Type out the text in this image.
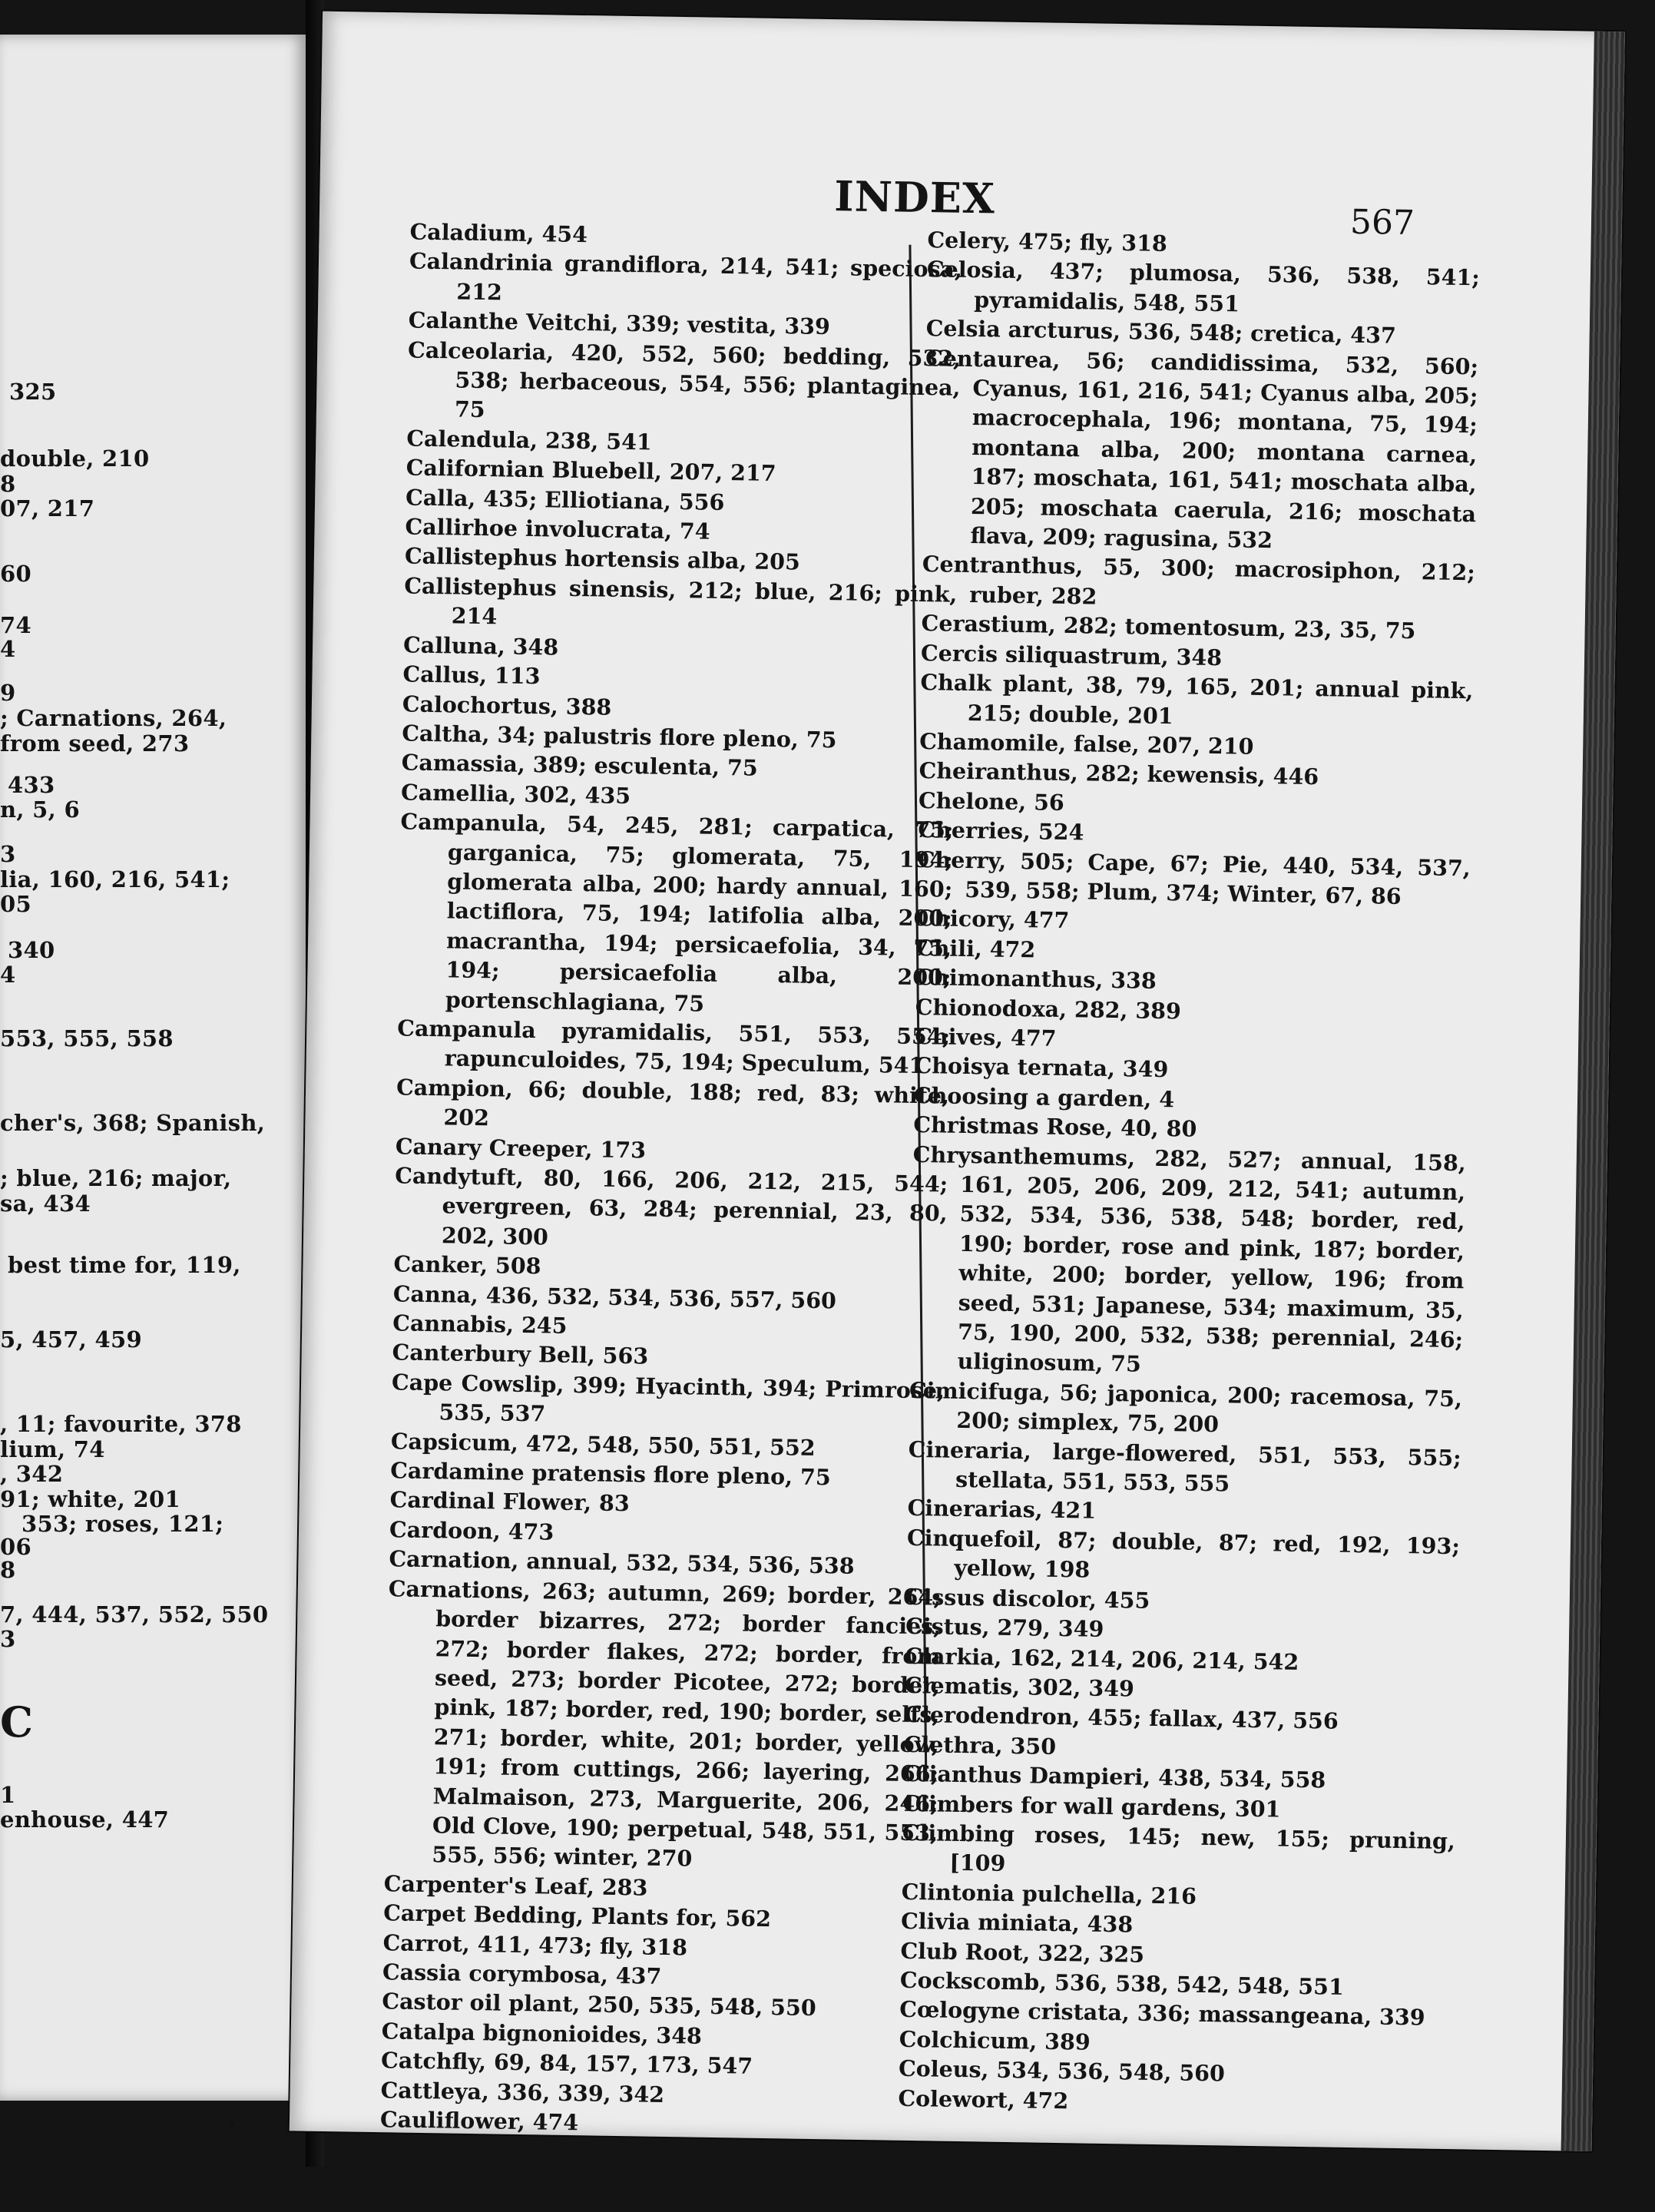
325
double, 210
8
07, 217
60
74
4
9
; Carnations, 264,
from seed, 273
433
n, 5, 6
3
lia, 160, 216, 541;
05
340
4
553, 555, 558
cher's, 368; Spanish,
; blue, 216; major,
sa, 434
best time for, 119,
5, 457, 459
, 11; favourite, 378
lium, 74
, 342
91; white, 201
353; roses, 121;
06
8
7, 444, 537, 552, 550
3
C
1
enhouse, 447
INDEX	567
Caladium, 454
Calandrinia grandiflora, 214, 541; speciosa, 212
Calanthe Veitchi, 339; vestita, 339
Calceolaria, 420, 552, 560; bedding, 532, 538; herbaceous, 554, 556; plantaginea, 75
Calendula, 238, 541
Californian Bluebell, 207, 217
Calla, 435; Elliotiana, 556
Callirhoe involucrata, 74
Callistephus hortensis alba, 205
Callistephus sinensis, 212; blue, 216; pink, 214
Calluna, 348
Callus, 113
Calochortus, 388
Caltha, 34; palustris flore pleno, 75
Camassia, 389; esculenta, 75
Camellia, 302, 435
Campanula, 54, 245, 281; carpatica, 75; garganica, 75; glomerata, 75, 194; glomerata alba, 200; hardy annual, 160; lactiflora, 75, 194; latifolia alba, 200; macrantha, 194; persicaefolia, 34, 75, 194; persicaefolia alba, 200; portenschlagiana, 75
Campanula pyramidalis, 551, 553, 554; rapunculoides, 75, 194; Speculum, 541
Campion, 66; double, 188; red, 83; white, 202
Canary Creeper, 173
Candytuft, 80, 166, 206, 212, 215, 544; evergreen, 63, 284; perennial, 23, 80, 202, 300
Canker, 508
Canna, 436, 532, 534, 536, 557, 560
Cannabis, 245
Canterbury Bell, 563
Cape Cowslip, 399; Hyacinth, 394; Primrose, 535, 537
Capsicum, 472, 548, 550, 551, 552
Cardamine pratensis flore pleno, 75
Cardinal Flower, 83
Cardoon, 473
Carnation, annual, 532, 534, 536, 538
Carnations, 263; autumn, 269; border, 264; border bizarres, 272; border fancies, 272; border flakes, 272; border, from seed, 273; border Picotee, 272; border, pink, 187; border, red, 190; border, selfs, 271; border, white, 201; border, yellow, 191; from cuttings, 266; layering, 266; Malmaison, 273, Marguerite, 206, 246; Old Clove, 190; perpetual, 548, 551, 553, 555, 556; winter, 270
Carpenter's Leaf, 283
Carpet Bedding, Plants for, 562
Carrot, 411, 473; fly, 318
Cassia corymbosa, 437
Castor oil plant, 250, 535, 548, 550
Catalpa bignonioides, 348
Catchfly, 69, 84, 157, 173, 547
Cattleya, 336, 339, 342
Cauliflower, 474
Ceanothus, 302, 348
Cedar, 377
Celery, 475; fly, 318
Celosia, 437; plumosa, 536, 538, 541; pyramidalis, 548, 551
Celsia arcturus, 536, 548; cretica, 437
Centaurea, 56; candidissima, 532, 560; Cyanus, 161, 216, 541; Cyanus alba, 205; macrocephala, 196; montana, 75, 194; montana alba, 200; montana carnea, 187; moschata, 161, 541; moschata alba, 205; moschata caerula, 216; moschata flava, 209; ragusina, 532
Centranthus, 55, 300; macrosiphon, 212; ruber, 282
Cerastium, 282; tomentosum, 23, 35, 75
Cercis siliquastrum, 348
Chalk plant, 38, 79, 165, 201; annual pink, 215; double, 201
Chamomile, false, 207, 210
Cheiranthus, 282; kewensis, 446
Chelone, 56
Cherries, 524
Cherry, 505; Cape, 67; Pie, 440, 534, 537, 539, 558; Plum, 374; Winter, 67, 86
Chicory, 477
Chili, 472
Chimonanthus, 338
Chionodoxa, 282, 389
Chives, 477
Choisya ternata, 349
Choosing a garden, 4
Christmas Rose, 40, 80
Chrysanthemums, 282, 527; annual, 158, 161, 205, 206, 209, 212, 541; autumn, 532, 534, 536, 538, 548; border, red, 190; border, rose and pink, 187; border, white, 200; border, yellow, 196; from seed, 531; Japanese, 534; maximum, 35, 75, 190, 200, 532, 538; perennial, 246; uliginosum, 75
Cimicifuga, 56; japonica, 200; racemosa, 75, 200; simplex, 75, 200
Cineraria, large-flowered, 551, 553, 555; stellata, 551, 553, 555
Cinerarias, 421
Cinquefoil, 87; double, 87; red, 192, 193; yellow, 198
Cissus discolor, 455
Cistus, 279, 349
Clarkia, 162, 214, 206, 214, 542
Clematis, 302, 349
Clerodendron, 455; fallax, 437, 556
Clethra, 350
Clianthus Dampieri, 438, 534, 558
Climbers for wall gardens, 301
Climbing roses, 145; new, 155; pruning, [109
Clintonia pulchella, 216
Clivia miniata, 438
Club Root, 322, 325
Cockscomb, 536, 538, 542, 548, 551
Cœlogyne cristata, 336; massangeana, 339
Colchicum, 389
Coleus, 534, 536, 548, 560
Colewort, 472
